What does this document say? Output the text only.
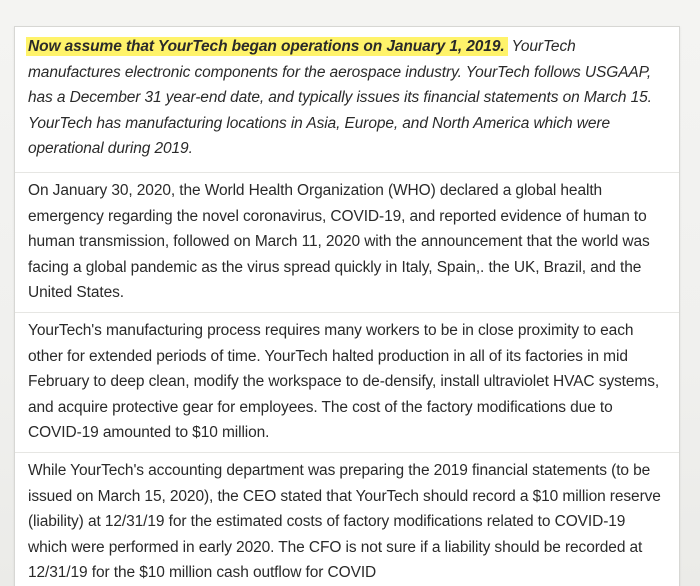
Now assume that YourTech began operations on January 1, 2019. YourTech manufactures electronic components for the aerospace industry. YourTech follows USGAAP, has a December 31 year-end date, and typically issues its financial statements on March 15. YourTech has manufacturing locations in Asia, Europe, and North America which were operational during 2019.

On January 30, 2020, the World Health Organization (WHO) declared a global health emergency regarding the novel coronavirus, COVID-19, and reported evidence of human to human transmission, followed on March 11, 2020 with the announcement that the world was facing a global pandemic as the virus spread quickly in Italy, Spain,. the UK, Brazil, and the United States.

YourTech's manufacturing process requires many workers to be in close proximity to each other for extended periods of time. YourTech halted production in all of its factories in mid February to deep clean, modify the workspace to de-densify, install ultraviolet HVAC systems, and acquire protective gear for employees. The cost of the factory modifications due to COVID-19 amounted to $10 million.

While YourTech's accounting department was preparing the 2019 financial statements (to be issued on March 15, 2020), the CEO stated that YourTech should record a $10 million reserve (liability) at 12/31/19 for the estimated costs of factory modifications related to COVID-19 which were performed in early 2020. The CFO is not sure if a liability should be recorded at 12/31/19 for the $10 million cash outflow for COVID
